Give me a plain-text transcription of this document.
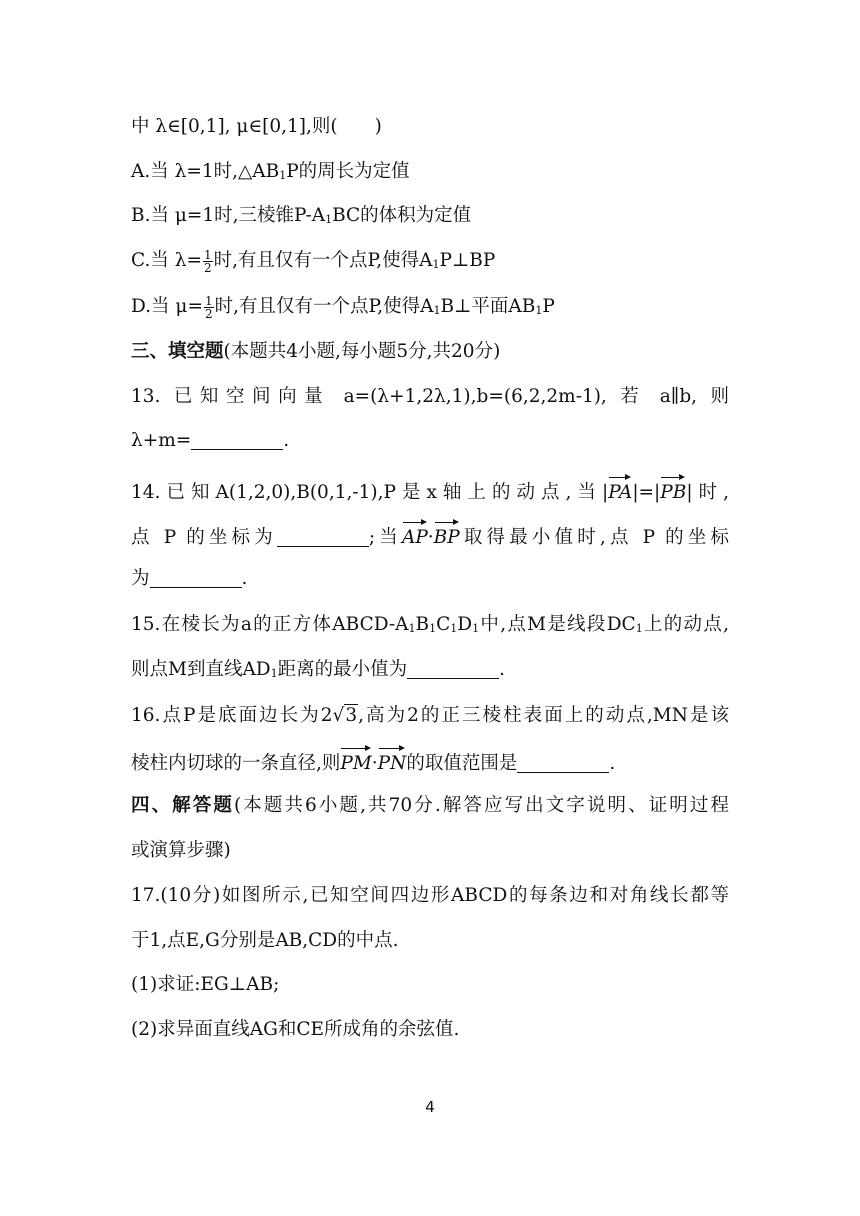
中 λ∈[0,1], μ∈[0,1],则(　　)
A.当 λ=1时,△AB1P的周长为定值
B.当 μ=1时,三棱锥P-A1BC的体积为定值
C.当 $\lambda= \frac{1}{2}$ 时,有且仅有一个点P,使得A1P⊥BP
D.当 $\mu= \frac{1}{2}$ 时,有且仅有一个点P,使得A1B⊥平面AB1P
三、填空题(本题共4小题,每小题5分,共20分)
13. 已知空间向量 a=(λ+1,2λ,1),b=(6,2,2m-1), 若 a∥b, 则
λ+m=	.
14.已知A(1,2,0),B(0,1,-1),P是x轴上的动点,当|PA|=|PB|时,
点 P 的坐标为	;当AP·BP取得最小值时,点 P 的坐标
为	.
15.在棱长为a的正方体ABCD-A1B1C1D1中,点M是线段DC1上的动点,
则点M到直线AD1距离的最小值为	.
16.点P是底面边长为2√3,高为2的正三棱柱表面上的动点,MN是该
棱柱内切球的一条直径,则PM·PN的取值范围是	.
四、解答题(本题共6小题,共70分.解答应写出文字说明、证明过程
或演算步骤)
17.(10分)如图所示,已知空间四边形ABCD的每条边和对角线长都等
于1,点E,G分别是AB,CD的中点.
(1)求证:EG⊥AB;
(2)求异面直线AG和CE所成角的余弦值.
4
